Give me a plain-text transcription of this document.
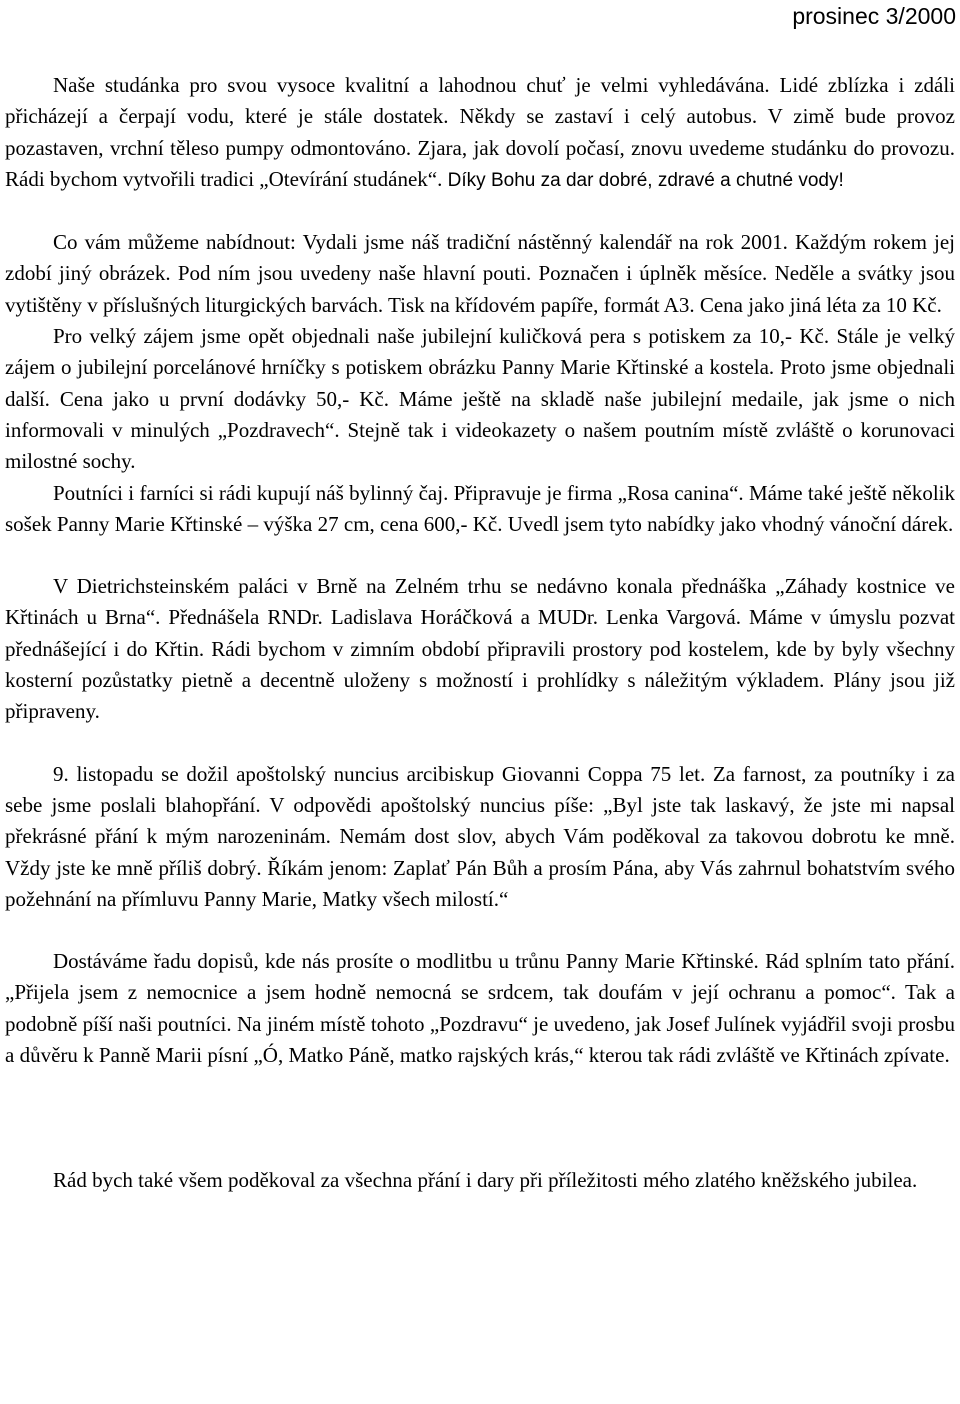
prosinec 3/2000

Naše studánka pro svou vysoce kvalitní a lahodnou chuť je velmi vyhledávána. Lidé zblízka i zdáli přicházejí a čerpají vodu, které je stále dostatek. Někdy se zastaví i celý autobus. V zimě bude provoz pozastaven, vrchní těleso pumpy odmontováno. Zjara, jak dovolí počasí, znovu uvedeme studánku do provozu. Rádi bychom vytvořili tradici „Otevírání studánek“. Díky Bohu za dar dobré, zdravé a chutné vody!

Co vám můžeme nabídnout: Vydali jsme náš tradiční nástěnný kalendář na rok 2001. Každým rokem jej zdobí jiný obrázek. Pod ním jsou uvedeny naše hlavní pouti. Poznačen i úplněk měsíce. Neděle a svátky jsou vytištěny v příslušných liturgických barvách. Tisk na křídovém papíře, formát A3. Cena jako jiná léta za 10 Kč.

Pro velký zájem jsme opět objednali naše jubilejní kuličková pera s potiskem za 10,- Kč. Stále je velký zájem o jubilejní porcelánové hrníčky s potiskem obrázku Panny Marie Křtinské a kostela. Proto jsme objednali další. Cena jako u první dodávky 50,- Kč. Máme ještě na skladě naše jubilejní medaile, jak jsme o nich informovali v minulých „Pozdravech“. Stejně tak i videokazety o našem poutním místě zvláště o korunovaci milostné sochy.

Poutníci i farníci si rádi kupují náš bylinný čaj. Připravuje je firma „Rosa canina“. Máme také ještě několik sošek Panny Marie Křtinské – výška 27 cm, cena 600,- Kč. Uvedl jsem tyto nabídky jako vhodný vánoční dárek.

V Dietrichsteinském paláci v Brně na Zelném trhu se nedávno konala přednáška „Záhady kostnice ve Křtinách u Brna“. Přednášela RNDr. Ladislava Horáčková a MUDr. Lenka Vargová. Máme v úmyslu pozvat přednášející i do Křtin. Rádi bychom v zimním období připravili prostory pod kostelem, kde by byly všechny kosterní pozůstatky pietně a decentně uloženy s možností i prohlídky s náležitým výkladem. Plány jsou již připraveny.

9. listopadu se dožil apoštolský nuncius arcibiskup Giovanni Coppa 75 let. Za farnost, za poutníky i za sebe jsme poslali blahopřání. V odpovědi apoštolský nuncius píše: „Byl jste tak laskavý, že jste mi napsal překrásné přání k mým narozeninám. Nemám dost slov, abych Vám poděkoval za takovou dobrotu ke mně. Vždy jste ke mně příliš dobrý. Říkám jenom: Zaplať Pán Bůh a prosím Pána, aby Vás zahrnul bohatstvím svého požehnání na přímluvu Panny Marie, Matky všech milostí.“

Dostáváme řadu dopisů, kde nás prosíte o modlitbu u trůnu Panny Marie Křtinské. Rád splním tato přání. „Přijela jsem z nemocnice a jsem hodně nemocná se srdcem, tak doufám v její ochranu a pomoc“. Tak a podobně píší naši poutníci. Na jiném místě tohoto „Pozdravu“ je uvedeno, jak Josef Julínek vyjádřil svoji prosbu a důvěru k Panně Marii písní „Ó, Matko Páně, matko rajských krás,“ kterou tak rádi zvláště ve Křtinách zpívate.

Rád bych také všem poděkoval za všechna přání i dary při příležitosti mého zlatého kněžského jubilea.
